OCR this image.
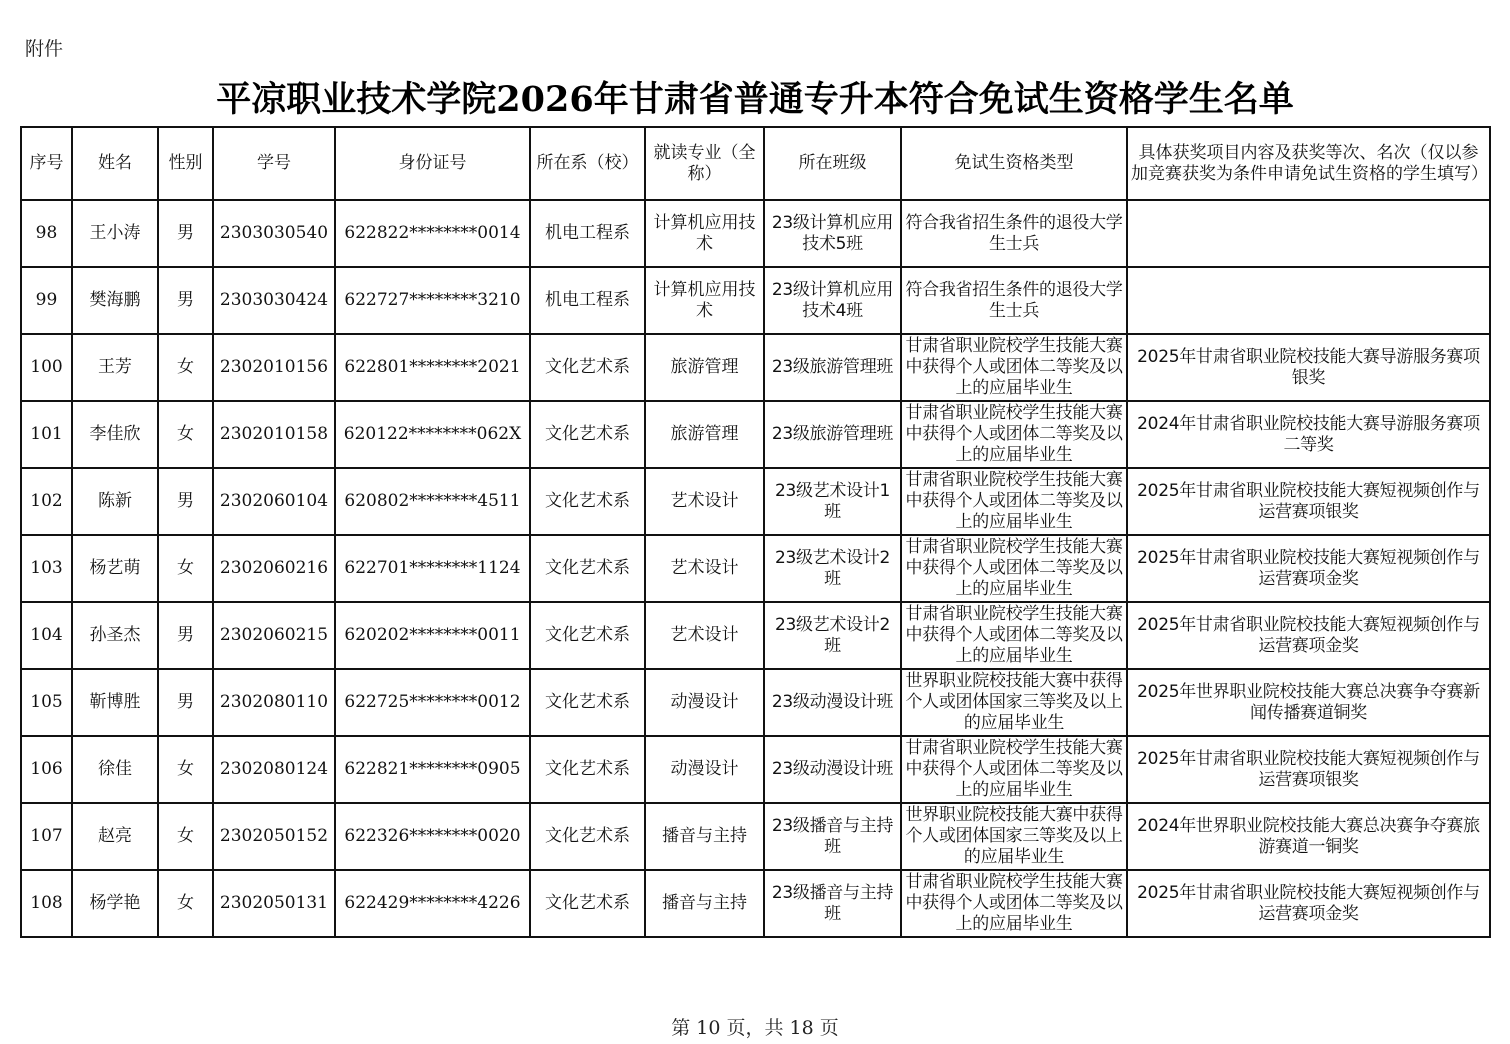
附件
平凉职业技术学院2026年甘肃省普通专升本符合免试生资格学生名单
序号	姓名	性别	学号	身份证号	所在系（校）	就读专业（全称）	所在班级	免试生资格类型	具体获奖项目内容及获奖等次、名次（仅以参加竞赛获奖为条件申请免试生资格的学生填写）
98	王小涛	男	2303030540	622822********0014	机电工程系	计算机应用技术	23级计算机应用技术5班	符合我省招生条件的退役大学生士兵	
99	樊海鹏	男	2303030424	622727********3210	机电工程系	计算机应用技术	23级计算机应用技术4班	符合我省招生条件的退役大学生士兵	
100	王芳	女	2302010156	622801********2021	文化艺术系	旅游管理	23级旅游管理班	甘肃省职业院校学生技能大赛中获得个人或团体二等奖及以上的应届毕业生	2025年甘肃省职业院校技能大赛导游服务赛项银奖
101	李佳欣	女	2302010158	620122********062X	文化艺术系	旅游管理	23级旅游管理班	甘肃省职业院校学生技能大赛中获得个人或团体二等奖及以上的应届毕业生	2024年甘肃省职业院校技能大赛导游服务赛项二等奖
102	陈新	男	2302060104	620802********4511	文化艺术系	艺术设计	23级艺术设计1班	甘肃省职业院校学生技能大赛中获得个人或团体二等奖及以上的应届毕业生	2025年甘肃省职业院校技能大赛短视频创作与运营赛项银奖
103	杨艺萌	女	2302060216	622701********1124	文化艺术系	艺术设计	23级艺术设计2班	甘肃省职业院校学生技能大赛中获得个人或团体二等奖及以上的应届毕业生	2025年甘肃省职业院校技能大赛短视频创作与运营赛项金奖
104	孙圣杰	男	2302060215	620202********0011	文化艺术系	艺术设计	23级艺术设计2班	甘肃省职业院校学生技能大赛中获得个人或团体二等奖及以上的应届毕业生	2025年甘肃省职业院校技能大赛短视频创作与运营赛项金奖
105	靳博胜	男	2302080110	622725********0012	文化艺术系	动漫设计	23级动漫设计班	世界职业院校技能大赛中获得个人或团体国家三等奖及以上的应届毕业生	2025年世界职业院校技能大赛总决赛争夺赛新闻传播赛道铜奖
106	徐佳	女	2302080124	622821********0905	文化艺术系	动漫设计	23级动漫设计班	甘肃省职业院校学生技能大赛中获得个人或团体二等奖及以上的应届毕业生	2025年甘肃省职业院校技能大赛短视频创作与运营赛项银奖
107	赵亮	女	2302050152	622326********0020	文化艺术系	播音与主持	23级播音与主持班	世界职业院校技能大赛中获得个人或团体国家三等奖及以上的应届毕业生	2024年世界职业院校技能大赛总决赛争夺赛旅游赛道一铜奖
108	杨学艳	女	2302050131	622429********4226	文化艺术系	播音与主持	23级播音与主持班	甘肃省职业院校学生技能大赛中获得个人或团体二等奖及以上的应届毕业生	2025年甘肃省职业院校技能大赛短视频创作与运营赛项金奖
第 10 页，共 18 页
